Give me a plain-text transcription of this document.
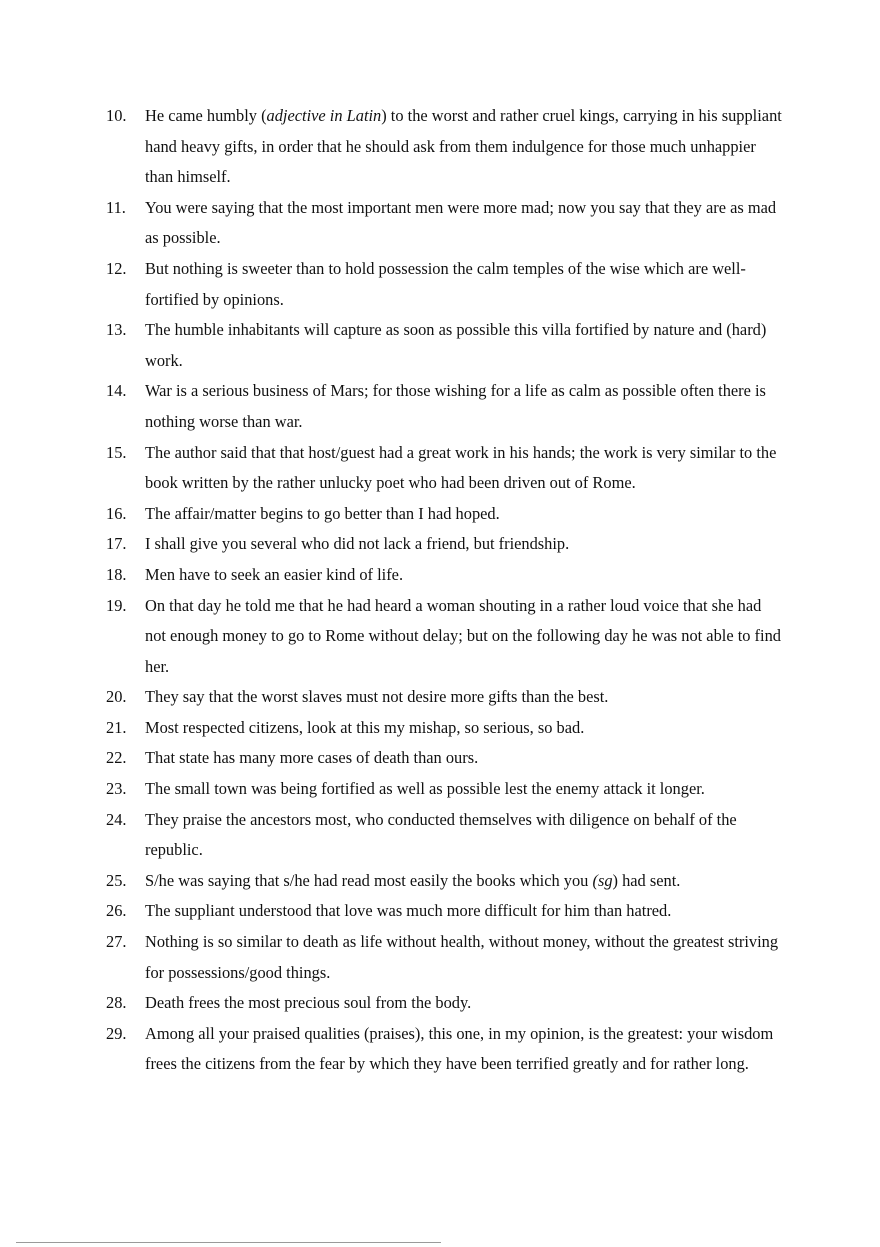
10. He came humbly (adjective in Latin) to the worst and rather cruel kings, carrying in his suppliant hand heavy gifts, in order that he should ask from them indulgence for those much unhappier than himself.
11. You were saying that the most important men were more mad; now you say that they are as mad as possible.
12. But nothing is sweeter than to hold possession the calm temples of the wise which are well-fortified by opinions.
13. The humble inhabitants will capture as soon as possible this villa fortified by nature and (hard) work.
14. War is a serious business of Mars; for those wishing for a life as calm as possible often there is nothing worse than war.
15. The author said that that host/guest had a great work in his hands; the work is very similar to the book written by the rather unlucky poet who had been driven out of Rome.
16. The affair/matter begins to go better than I had hoped.
17. I shall give you several who did not lack a friend, but friendship.
18. Men have to seek an easier kind of life.
19. On that day he told me that he had heard a woman shouting in a rather loud voice that she had not enough money to go to Rome without delay; but on the following day he was not able to find her.
20. They say that the worst slaves must not desire more gifts than the best.
21. Most respected citizens, look at this my mishap, so serious, so bad.
22. That state has many more cases of death than ours.
23. The small town was being fortified as well as possible lest the enemy attack it longer.
24. They praise the ancestors most, who conducted themselves with diligence on behalf of the republic.
25. S/he was saying that s/he had read most easily the books which you (sg) had sent.
26. The suppliant understood that love was much more difficult for him than hatred.
27. Nothing is so similar to death as life without health, without money, without the greatest striving for possessions/good things.
28. Death frees the most precious soul from the body.
29. Among all your praised qualities (praises), this one, in my opinion, is the greatest: your wisdom frees the citizens from the fear by which they have been terrified greatly and for rather long.
